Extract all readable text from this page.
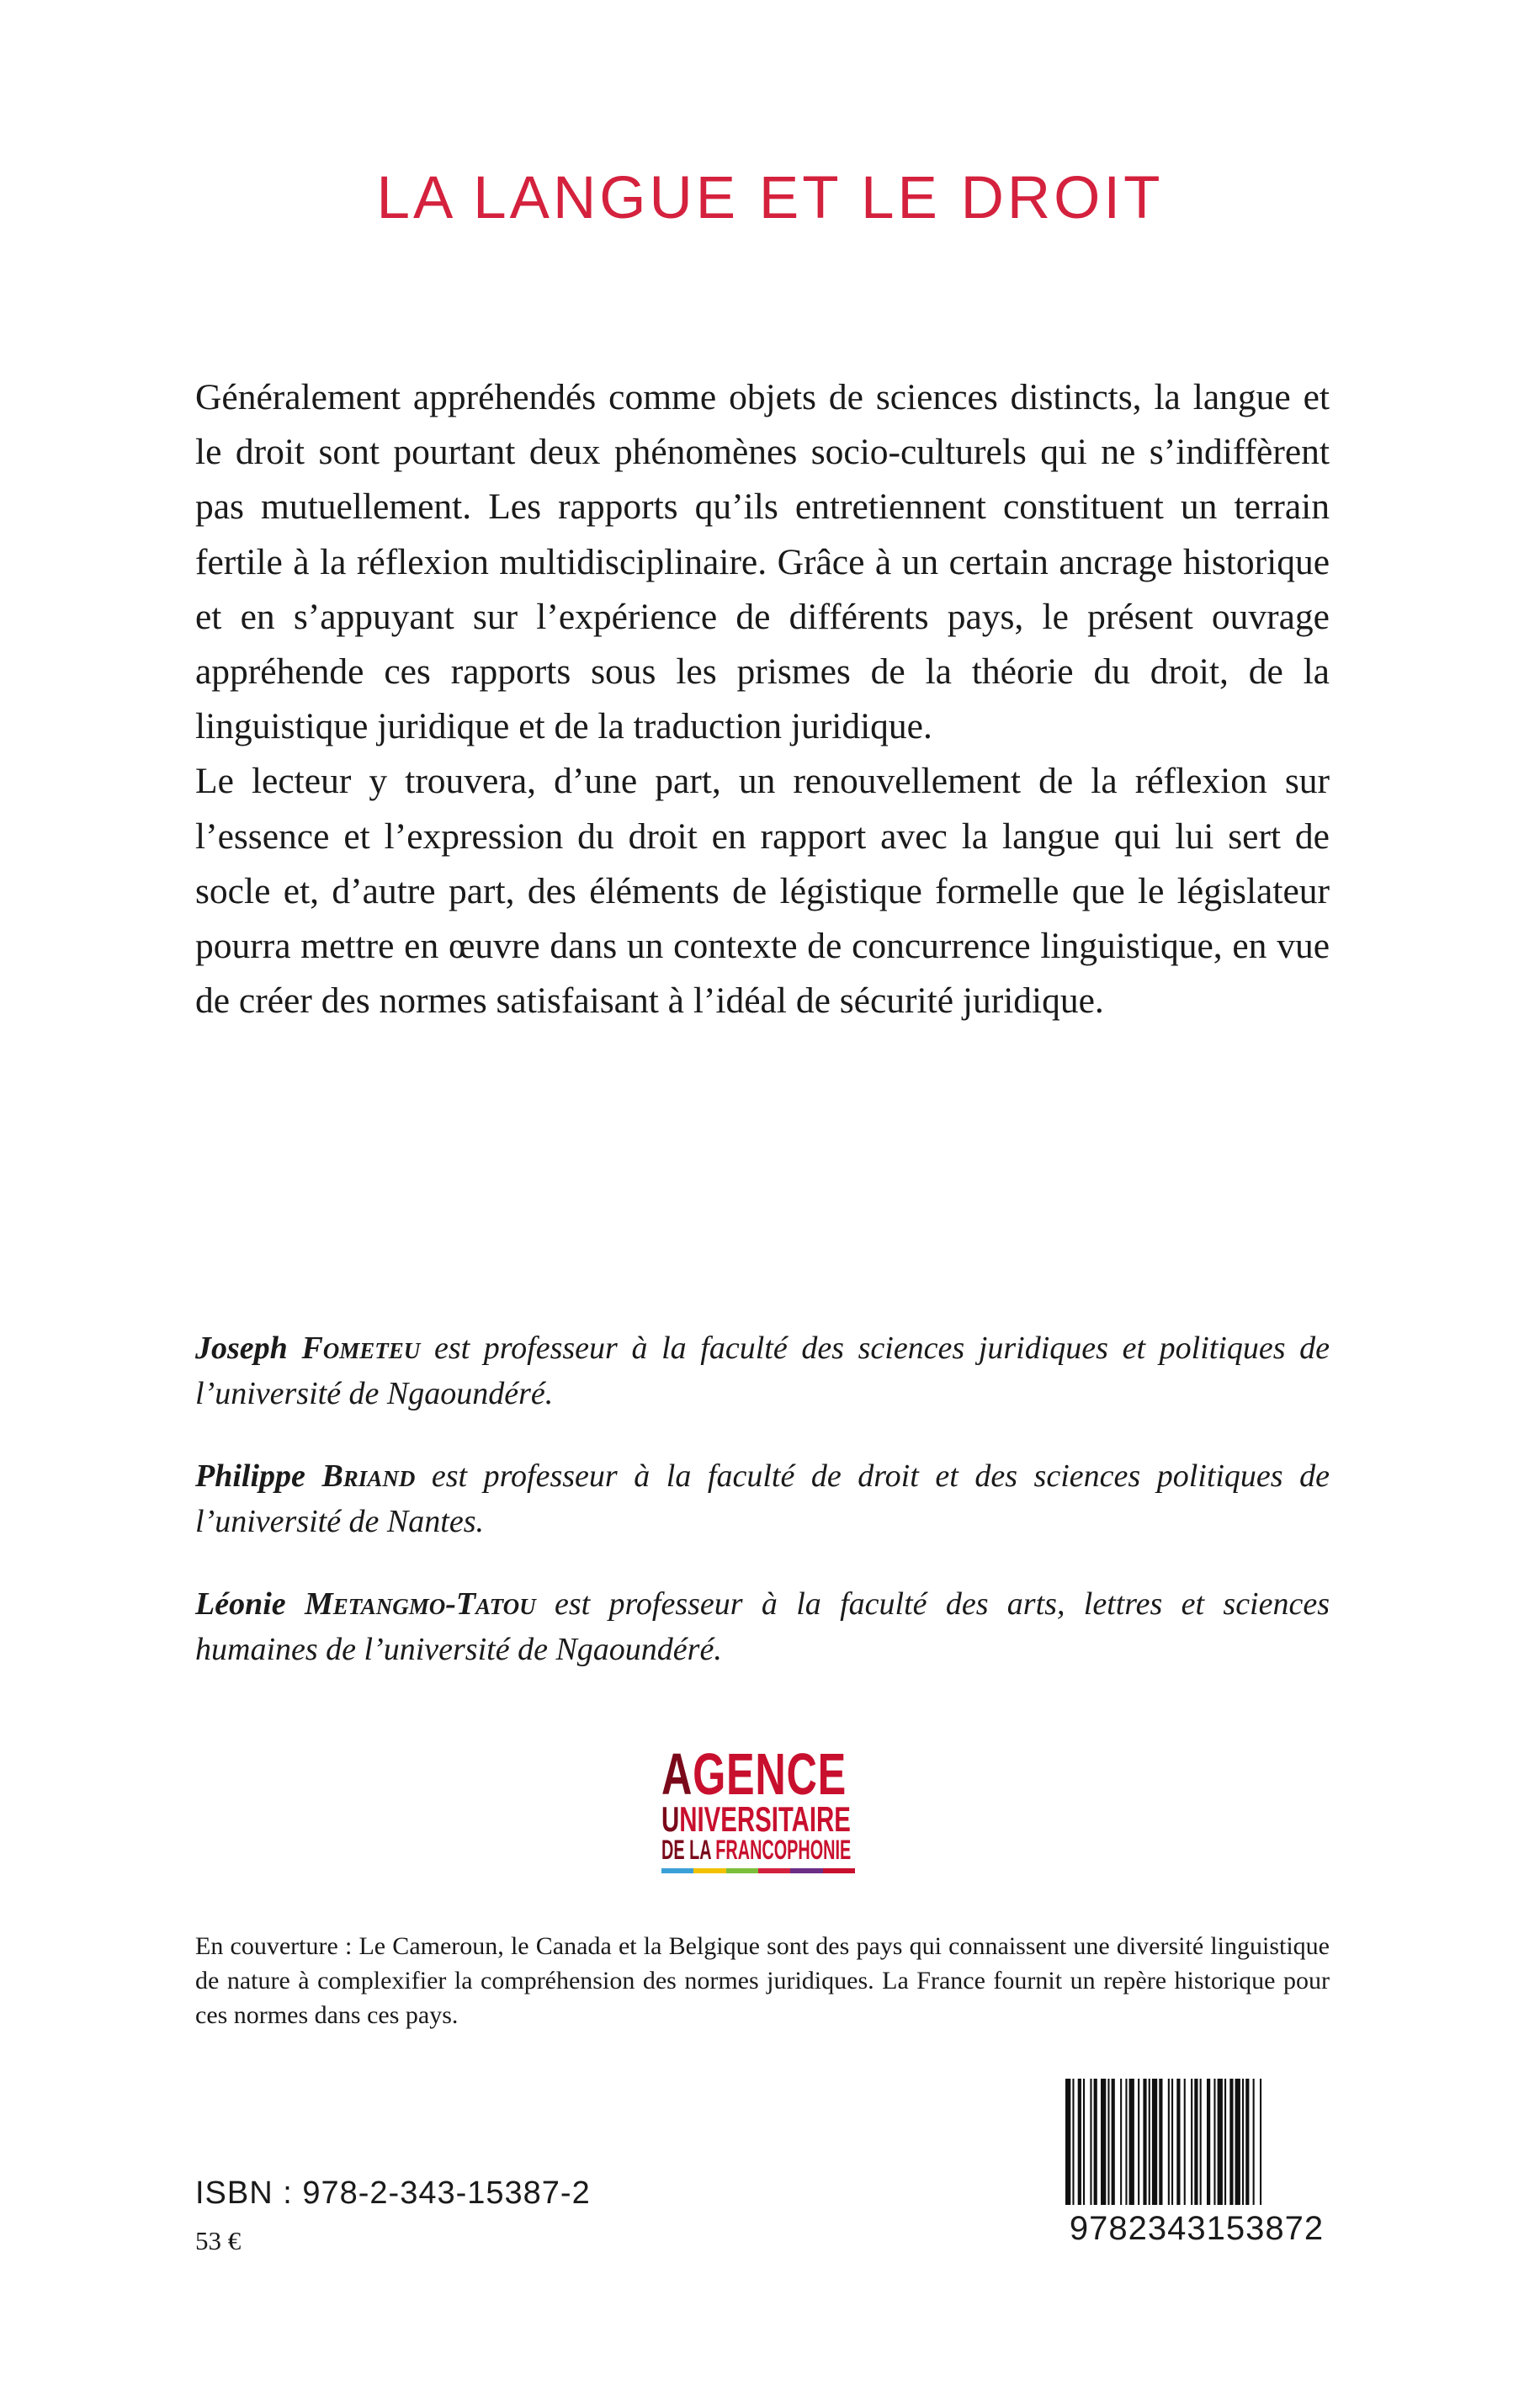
LA LANGUE ET LE DROIT

Généralement appréhendés comme objets de sciences distincts, la langue et le droit sont pourtant deux phénomènes socio-culturels qui ne s’indiffèrent pas mutuellement. Les rapports qu’ils entretiennent constituent un terrain fertile à la réflexion multidisciplinaire. Grâce à un certain ancrage historique et en s’appuyant sur l’expérience de différents pays, le présent ouvrage appréhende ces rapports sous les prismes de la théorie du droit, de la linguistique juridique et de la traduction juridique.

Le lecteur y trouvera, d’une part, un renouvellement de la réflexion sur l’essence et l’expression du droit en rapport avec la langue qui lui sert de socle et, d’autre part, des éléments de légistique formelle que le législateur pourra mettre en œuvre dans un contexte de concurrence linguistique, en vue de créer des normes satisfaisant à l’idéal de sécurité juridique.

Joseph Fometeu est professeur à la faculté des sciences juridiques et politiques de l’université de Ngaoundéré.

Philippe Briand est professeur à la faculté de droit et des sciences politiques de l’université de Nantes.

Léonie Metangmo-Tatou est professeur à la faculté des arts, lettres et sciences humaines de l’université de Ngaoundéré.

AGENCE
UNIVERSITAIRE
DE LA FRANCOPHONIE

En couverture : Le Cameroun, le Canada et la Belgique sont des pays qui connaissent une diversité linguistique de nature à complexifier la compréhension des normes juridiques. La France fournit un repère historique pour ces normes dans ces pays.

ISBN : 978-2-343-15387-2
53 €	9782343153872
